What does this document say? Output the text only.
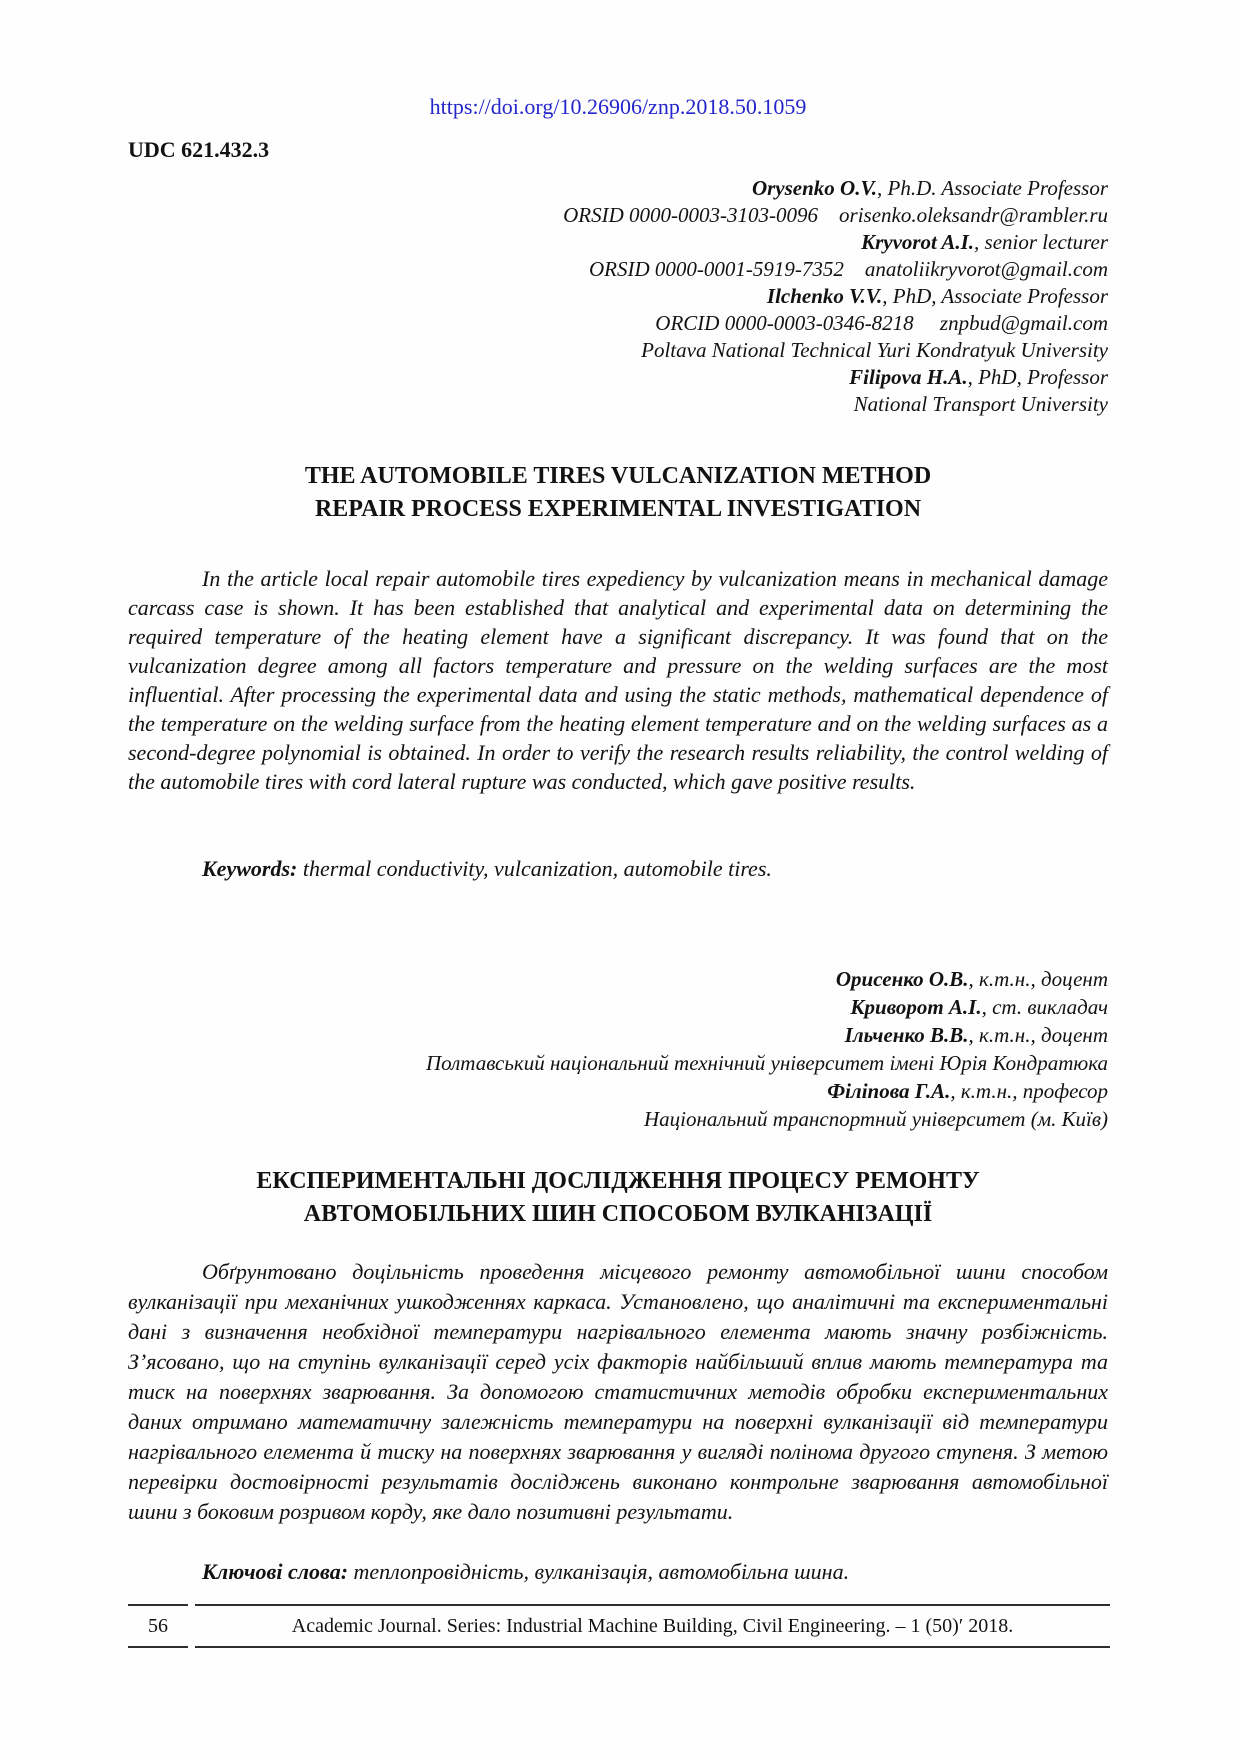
https://doi.org/10.26906/znp.2018.50.1059
UDC 621.432.3
Orysenko O.V., Ph.D. Associate Professor
ORSID 0000-0003-3103-0096    orisenko.oleksandr@rambler.ru
Kryvorot A.I., senior lecturer
ORSID 0000-0001-5919-7352    anatoliikryvorot@gmail.com
Ilchenko V.V., PhD, Associate Professor
ORCID 0000-0003-0346-8218     znpbud@gmail.com
Poltava National Technical Yuri Kondratyuk University
Filipova H.A., PhD, Professor
National Transport University
THE AUTOMOBILE TIRES VULCANIZATION METHOD
REPAIR PROCESS EXPERIMENTAL INVESTIGATION

In the article local repair automobile tires expediency by vulcanization means in mechanical damage carcass case is shown. It has been established that analytical and experimental data on determining the required temperature of the heating element have a significant discrepancy. It was found that on the vulcanization degree among all factors temperature and pressure on the welding surfaces are the most influential. After processing the experimental data and using the static methods, mathematical dependence of the temperature on the welding surface from the heating element temperature and on the welding surfaces as a second-degree polynomial is obtained. In order to verify the research results reliability, the control welding of the automobile tires with cord lateral rupture was conducted, which gave positive results.

Keywords: thermal conductivity, vulcanization, automobile tires.

Орисенко О.В., к.т.н., доцент
Криворот А.І., ст. викладач
Ільченко В.В., к.т.н., доцент
Полтавський національний технічний університет імені Юрія Кондратюка
Філіпова Г.А., к.т.н., професор
Національний транспортний університет (м. Київ)
ЕКСПЕРИМЕНТАЛЬНІ ДОСЛІДЖЕННЯ ПРОЦЕСУ РЕМОНТУ
АВТОМОБІЛЬНИХ ШИН СПОСОБОМ ВУЛКАНІЗАЦІЇ

Обґрунтовано доцільність проведення місцевого ремонту автомобільної шини способом вулканізації при механічних ушкодженнях каркаса. Установлено, що аналітичні та експериментальні дані з визначення необхідної температури нагрівального елемента мають значну розбіжність. З’ясовано, що на ступінь вулканізації серед усіх факторів найбільший вплив мають температура та тиск на поверхнях зварювання. За допомогою статистичних методів обробки експериментальних даних отримано математичну залежність температури на поверхні вулканізації від температури нагрівального елемента й тиску на поверхнях зварювання у вигляді полінома другого ступеня. З метою перевірки достовірності результатів досліджень виконано контрольне зварювання автомобільної шини з боковим розривом корду, яке дало позитивні результати.

Ключові слова: теплопровідність, вулканізація, автомобільна шина.

56	Academic Journal. Series: Industrial Machine Building, Civil Engineering. – 1 (50)′ 2018.
